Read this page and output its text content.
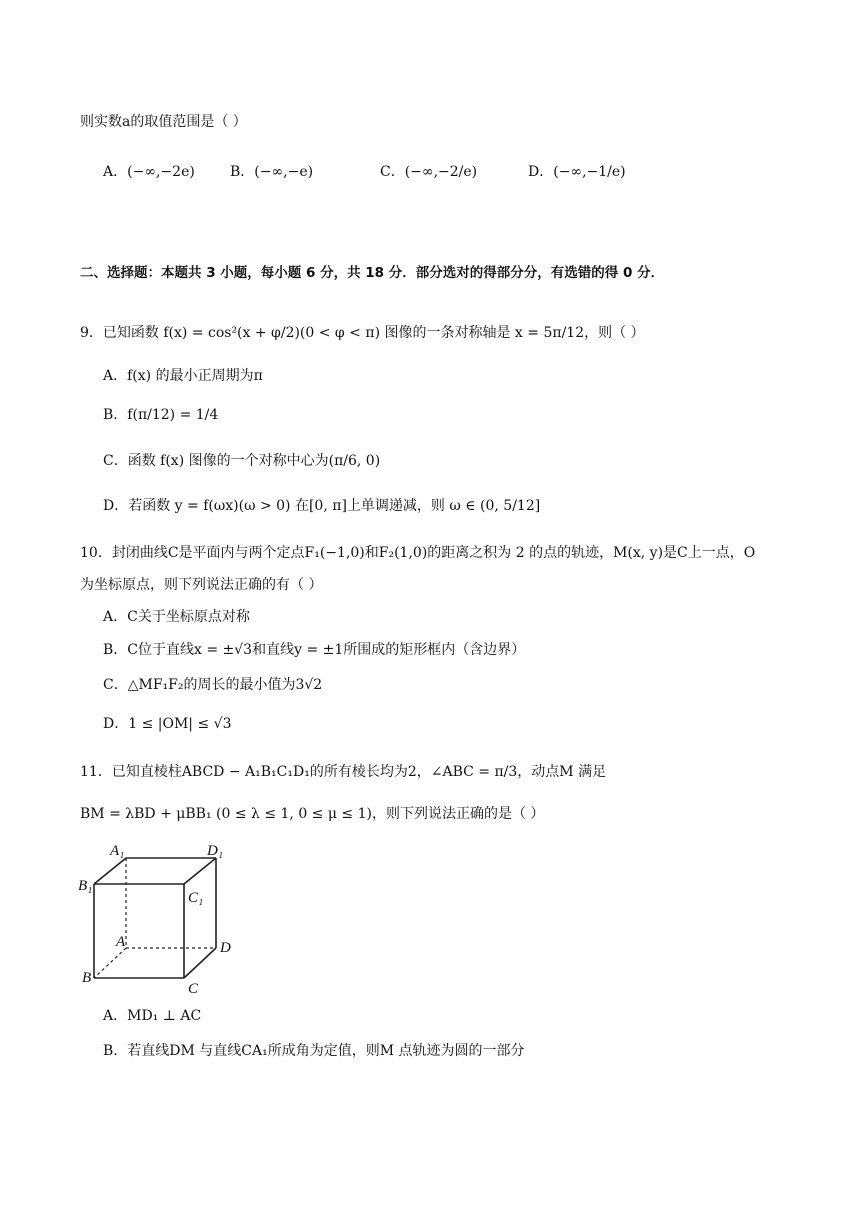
则实数a的取值范围是（ ）
A．(−∞,−2e)	B．(−∞,−e)	C．(−∞,−2/e)	D．(−∞,−1/e)
二、选择题：本题共 3 小题，每小题 6 分，共 18 分．部分选对的得部分分，有选错的得 0 分．
9．已知函数 f(x) = cos²(x + φ/2)(0 < φ < π) 图像的一条对称轴是 x = 5π/12，则（ ）
A．f(x) 的最小正周期为π
B．f(π/12) = 1/4
C．函数 f(x) 图像的一个对称中心为(π/6, 0)
D．若函数 y = f(ωx)(ω > 0) 在[0, π]上单调递减，则 ω ∈ (0, 5/12]
10．封闭曲线C是平面内与两个定点F₁(−1,0)和F₂(1,0)的距离之积为 2 的点的轨迹，M(x, y)是C上一点，O
为坐标原点，则下列说法正确的有（ ）
A．C关于坐标原点对称
B．C位于直线x = ±√3和直线y = ±1所围成的矩形框内（含边界）
C．△MF₁F₂的周长的最小值为3√2
D．1 ≤ |OM| ≤ √3
11．已知直棱柱ABCD − A₁B₁C₁D₁的所有棱长均为2，∠ABC = π/3，动点M 满足
BM = λBD + μBB₁ (0 ≤ λ ≤ 1, 0 ≤ μ ≤ 1)，则下列说法正确的是（ ）
A₁	D₁
B₁
C₁
A	D
B
C
A．MD₁ ⊥ AC
B．若直线DM 与直线CA₁所成角为定值，则M 点轨迹为圆的一部分
